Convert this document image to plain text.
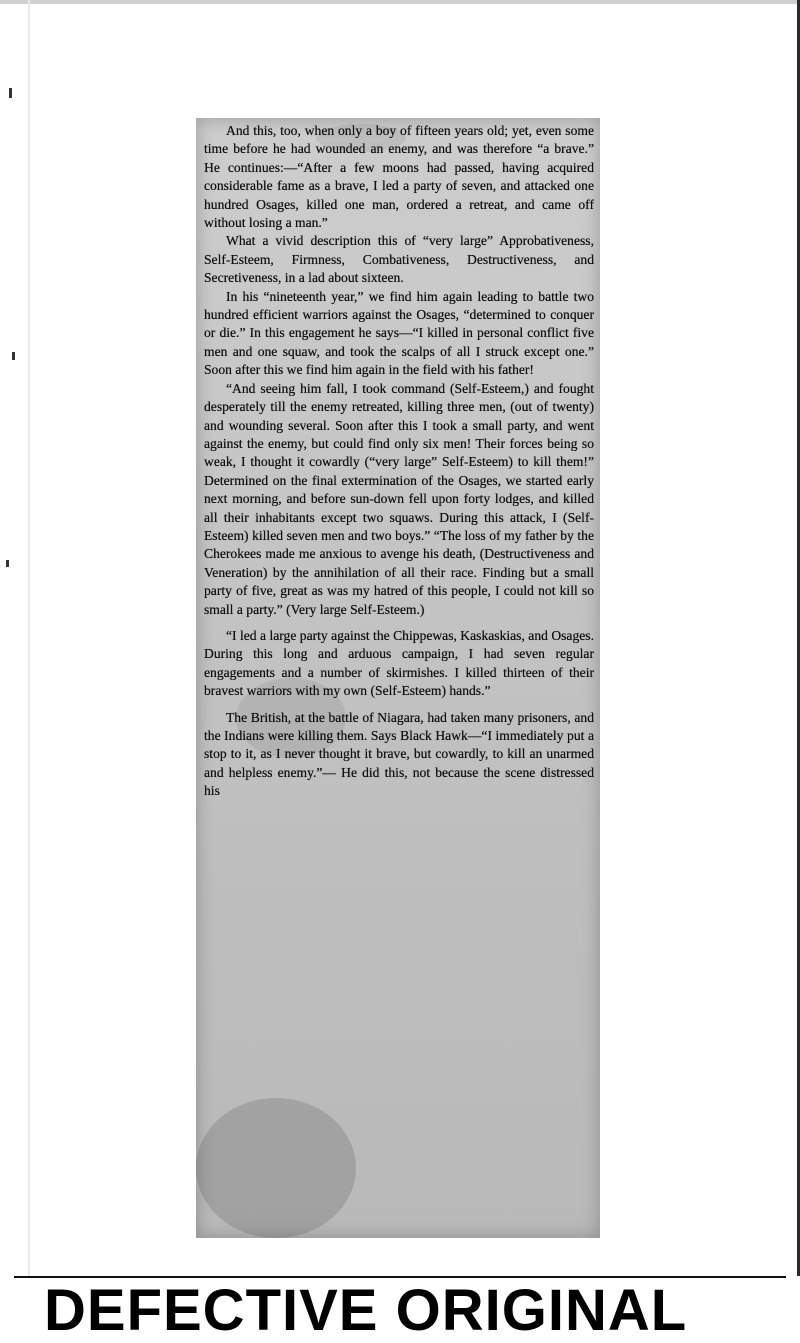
And this, too, when only a boy of fifteen years old; yet, even some time before he had wounded an enemy, and was therefore “a brave.” He continues:—“After a few moons had passed, having acquired considerable fame as a brave, I led a party of seven, and attacked one hundred Osages, killed one man, ordered a retreat, and came off without losing a man.”

What a vivid description this of “very large” Approbativeness, Self-Esteem, Firmness, Combativeness, Destructiveness, and Secretiveness, in a lad about sixteen.

In his “nineteenth year,” we find him again leading to battle two hundred efficient warriors against the Osages, “determined to conquer or die.” In this engagement he says—“I killed in personal conflict five men and one squaw, and took the scalps of all I struck except one.” Soon after this we find him again in the field with his father!

“And seeing him fall, I took command (Self-Esteem,) and fought desperately till the enemy retreated, killing three men, (out of twenty) and wounding several. Soon after this I took a small party, and went against the enemy, but could find only six men! Their forces being so weak, I thought it cowardly (“very large” Self-Esteem) to kill them!” Determined on the final extermination of the Osages, we started early next morning, and before sun-down fell upon forty lodges, and killed all their inhabitants except two squaws. During this attack, I (Self-Esteem) killed seven men and two boys.” “The loss of my father by the Cherokees made me anxious to avenge his death, (Destructiveness and Veneration) by the annihilation of all their race. Finding but a small party of five, great as was my hatred of this people, I could not kill so small a party.” (Very large Self-Esteem.)

“I led a large party against the Chippewas, Kaskaskias, and Osages. During this long and arduous campaign, I had seven regular engagements and a number of skirmishes. I killed thirteen of their bravest warriors with my own (Self-Esteem) hands.”

The British, at the battle of Niagara, had taken many prisoners, and the Indians were killing them. Says Black Hawk—“I immediately put a stop to it, as I never thought it brave, but cowardly, to kill an unarmed and helpless enemy.”— He did this, not because the scene distressed his

DEFECTIVE ORIGINAL
